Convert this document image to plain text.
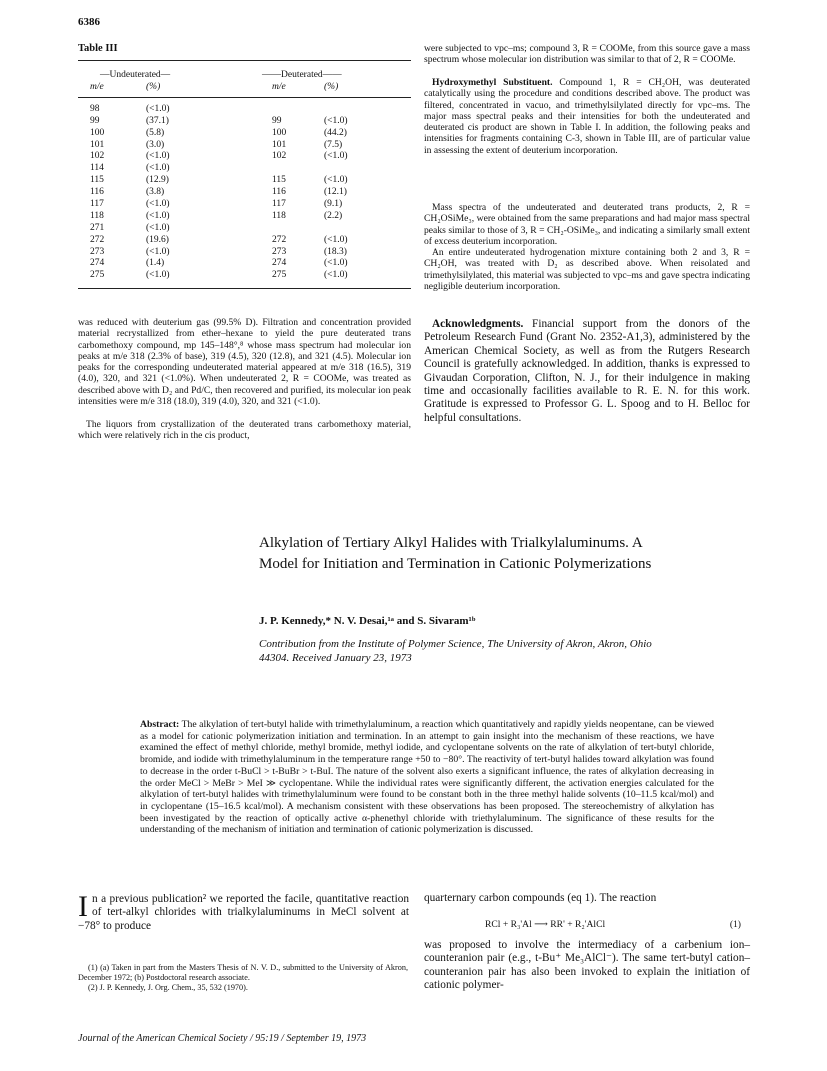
6386
Table III
—Undeuterated—	——Deuterated——
m/e	(%)	m/e	(%)
98	(<1.0)
99	(37.1)	99	(<1.0)
100	(5.8)	100	(44.2)
101	(3.0)	101	(7.5)
102	(<1.0)	102	(<1.0)
114	(<1.0)
115	(12.9)	115	(<1.0)
116	(3.8)	116	(12.1)
117	(<1.0)	117	(9.1)
118	(<1.0)	118	(2.2)
271	(<1.0)
272	(19.6)	272	(<1.0)
273	(<1.0)	273	(18.3)
274	(1.4)	274	(<1.0)
275	(<1.0)	275	(<1.0)
was reduced with deuterium gas (99.5% D). Filtration and concentration provided material recrystallized from ether–hexane to yield the pure deuterated trans carbomethoxy compound, mp 145–148°,⁸ whose mass spectrum had molecular ion peaks at m/e 318 (2.3% of base), 319 (4.5), 320 (12.8), and 321 (4.5). Molecular ion peaks for the corresponding undeuterated material appeared at m/e 318 (16.5), 319 (4.0), 320, and 321 (<1.0%). When undeuterated 2, R = COOMe, was treated as described above with D₂ and Pd/C, then recovered and purified, its molecular ion peak intensities were m/e 318 (18.0), 319 (4.0), 320, and 321 (<1.0).
The liquors from crystallization of the deuterated trans carbomethoxy material, which were relatively rich in the cis product,
were subjected to vpc–ms; compound 3, R = COOMe, from this source gave a mass spectrum whose molecular ion distribution was similar to that of 2, R = COOMe.
Hydroxymethyl Substituent. Compound 1, R = CH₂OH, was deuterated catalytically using the procedure and conditions described above. The product was filtered, concentrated in vacuo, and trimethylsilylated directly for vpc–ms. The major mass spectral peaks and their intensities for both the undeuterated and deuterated cis product are shown in Table I. In addition, the following peaks and intensities for fragments containing C-3, shown in Table III, are of particular value in assessing the extent of deuterium incorporation.
Mass spectra of the undeuterated and deuterated trans products, 2, R = CH₂OSiMe₃, were obtained from the same preparations and had major mass spectral peaks similar to those of 3, R = CH₂-OSiMe₃, and indicating a similarly small extent of excess deuterium incorporation.
An entire undeuterated hydrogenation mixture containing both 2 and 3, R = CH₂OH, was treated with D₂ as described above. When reisolated and trimethylsilylated, this material was subjected to vpc–ms and gave spectra indicating negligible deuterium incorporation.
Acknowledgments. Financial support from the donors of the Petroleum Research Fund (Grant No. 2352-A1,3), administered by the American Chemical Society, as well as from the Rutgers Research Council is gratefully acknowledged. In addition, thanks is expressed to Givaudan Corporation, Clifton, N. J., for their indulgence in making time and occasionally facilities available to R. E. N. for this work. Gratitude is expressed to Professor G. L. Spoog and to H. Belloc for helpful consultations.
Alkylation of Tertiary Alkyl Halides with Trialkylaluminums. A Model for Initiation and Termination in Cationic Polymerizations
J. P. Kennedy,* N. V. Desai,¹ᵃ and S. Sivaram¹ᵇ
Contribution from the Institute of Polymer Science, The University of Akron, Akron, Ohio 44304. Received January 23, 1973
Abstract: The alkylation of tert-butyl halide with trimethylaluminum, a reaction which quantitatively and rapidly yields neopentane, can be viewed as a model for cationic polymerization initiation and termination. In an attempt to gain insight into the mechanism of these reactions, we have examined the effect of methyl chloride, methyl bromide, methyl iodide, and cyclopentane solvents on the rate of alkylation of tert-butyl chloride, bromide, and iodide with trimethylaluminum in the temperature range +50 to −80°. The reactivity of tert-butyl halides toward alkylation was found to decrease in the order t-BuCl > t-BuBr > t-BuI. The nature of the solvent also exerts a significant influence, the rates of alkylation decreasing in the order MeCl > MeBr > MeI ≫ cyclopentane. While the individual rates were significantly different, the activation energies calculated for the alkylation of tert-butyl halides with trimethylaluminum were found to be constant both in the three methyl halide solvents (10–11.5 kcal/mol) and in cyclopentane (15–16.5 kcal/mol). A mechanism consistent with these observations has been proposed. The stereochemistry of alkylation has been investigated by the reaction of optically active α-phenethyl chloride with triethylaluminum. The significance of these results for the understanding of the mechanism of initiation and termination of cationic polymerization is discussed.
I n a previous publication² we reported the facile, quantitative reaction of tert-alkyl chlorides with trialkylaluminums in MeCl solvent at −78° to produce
quarternary carbon compounds (eq 1). The reaction
RCl + R₃'Al ⟶ RR' + R₂'AlCl	(1)
was proposed to involve the intermediacy of a carbenium ion–counteranion pair (e.g., t-Bu⁺ Me₃AlCl⁻). The same tert-butyl cation–counteranion pair has also been invoked to explain the initiation of cationic polymer-
(1) (a) Taken in part from the Masters Thesis of N. V. D., submitted to the University of Akron, December 1972; (b) Postdoctoral research associate.
(2) J. P. Kennedy, J. Org. Chem., 35, 532 (1970).
Journal of the American Chemical Society / 95:19 / September 19, 1973
